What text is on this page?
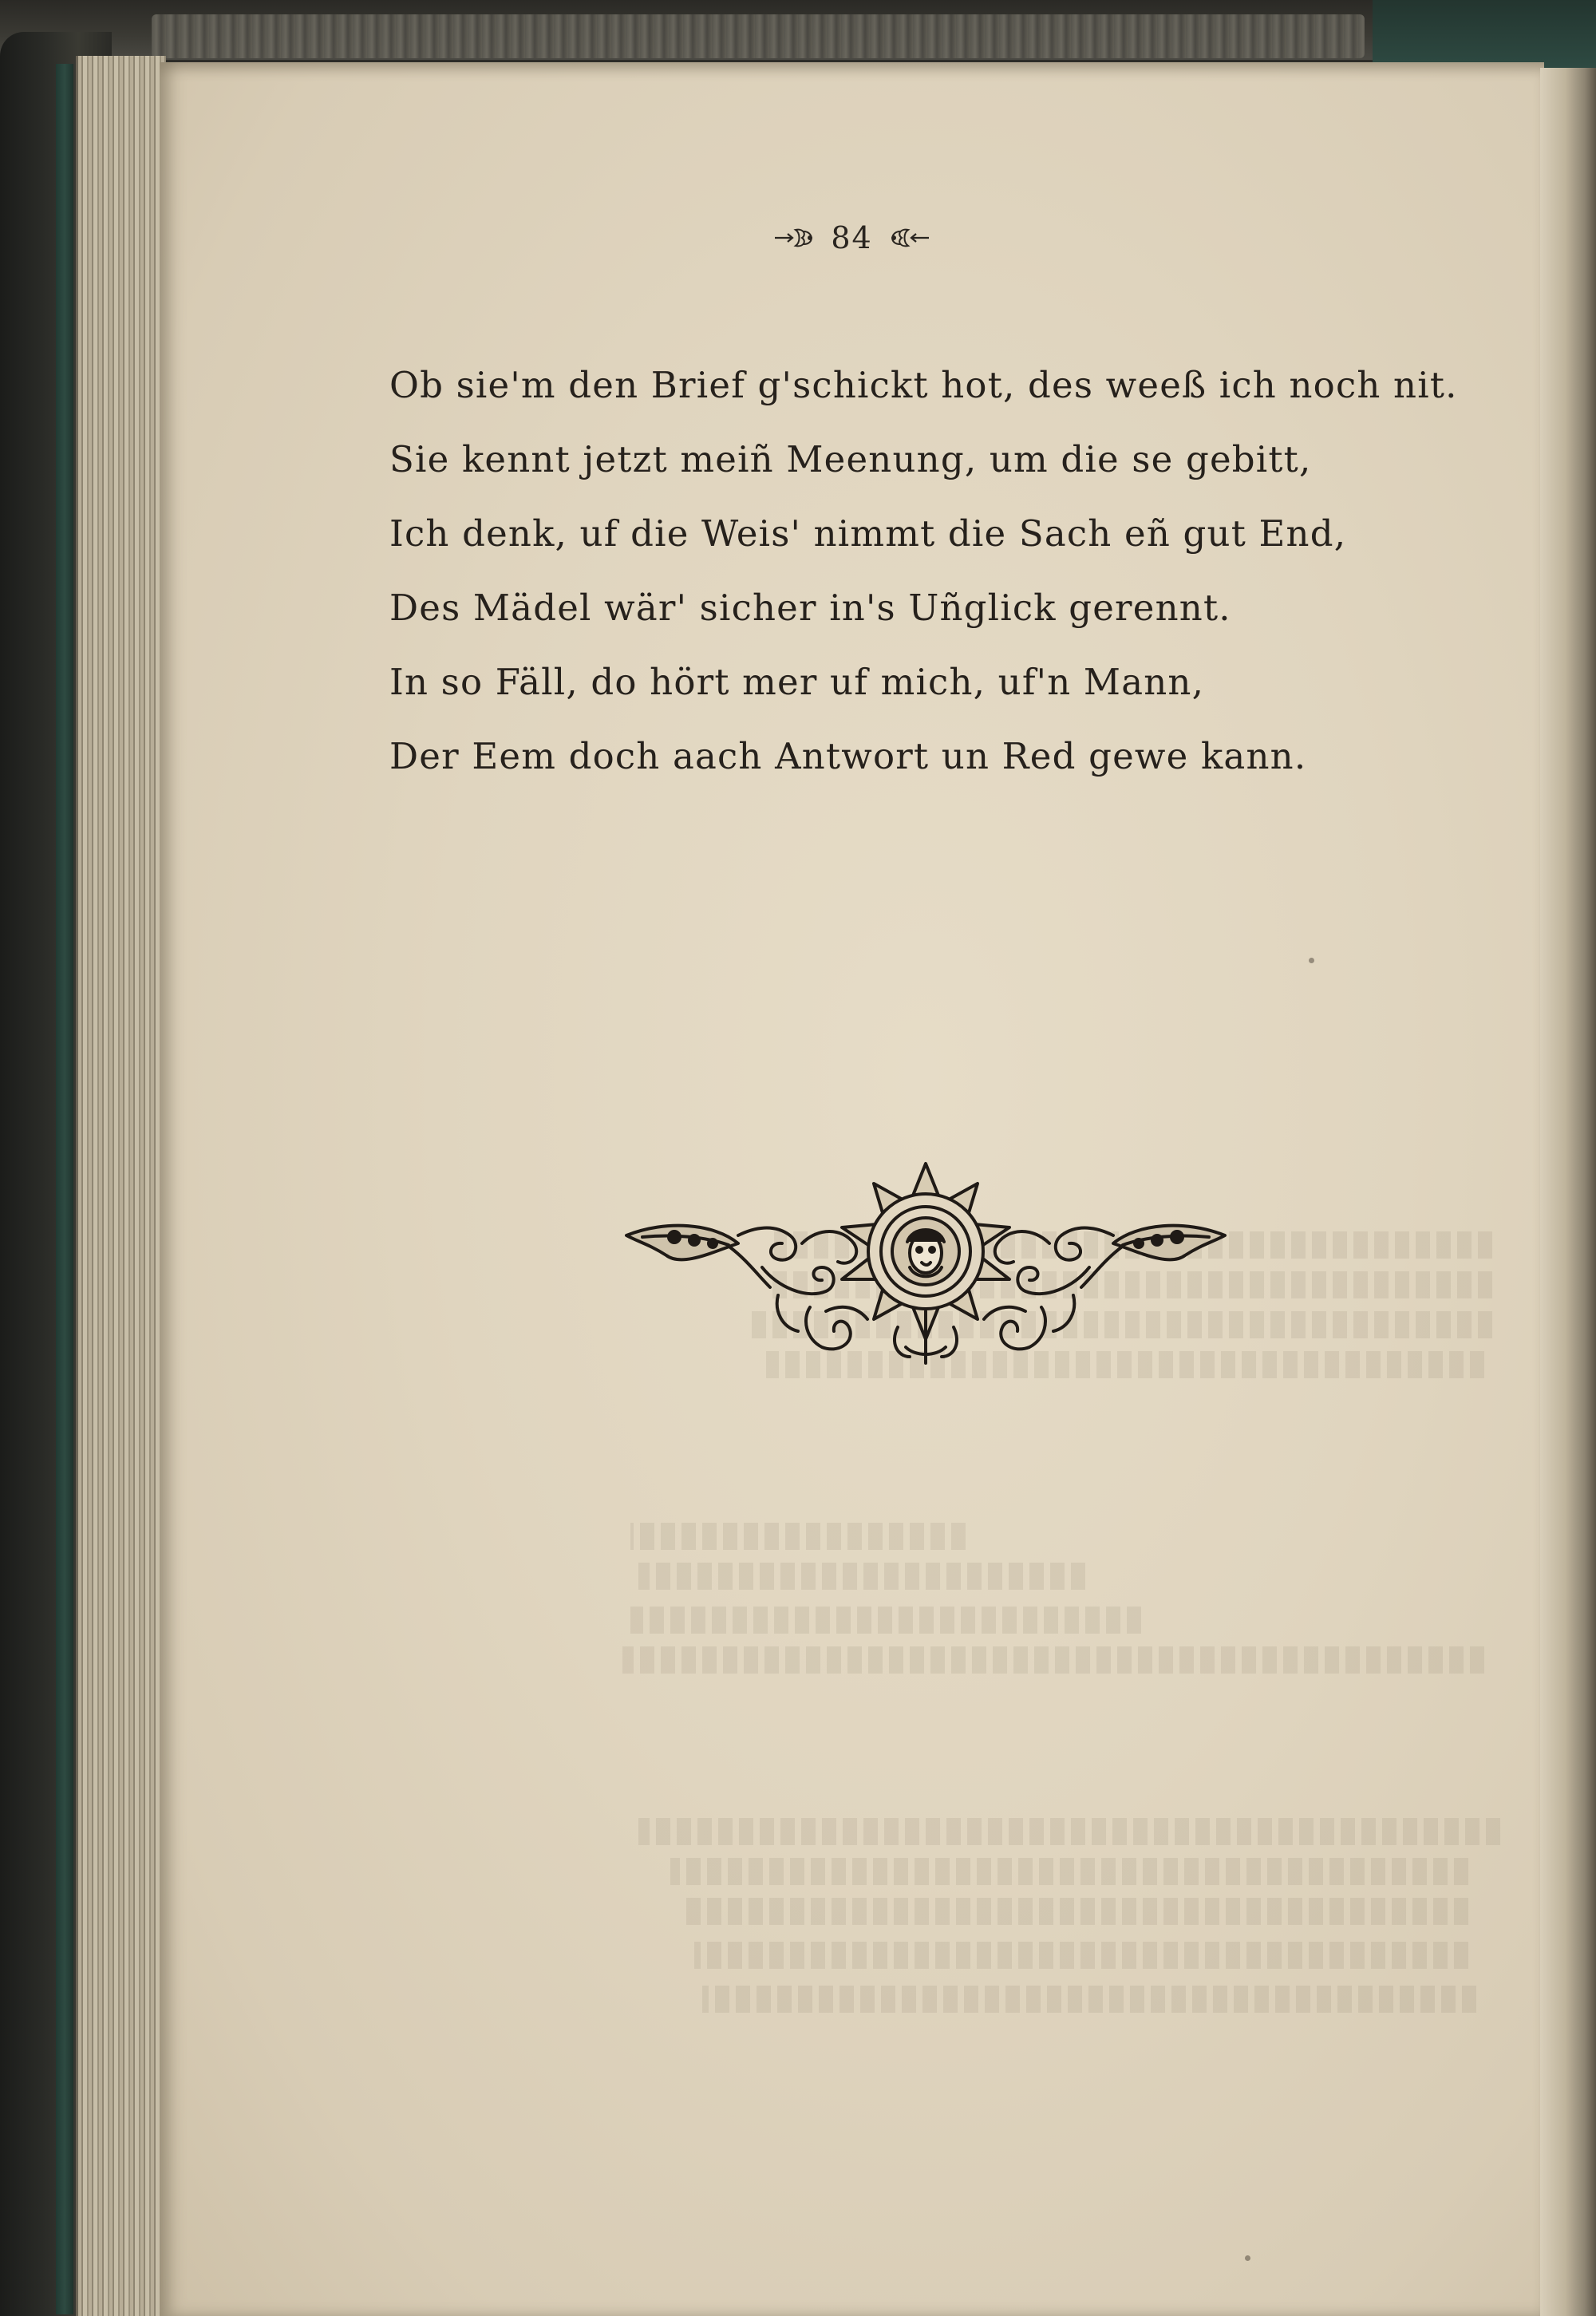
84
Ob sie'm den Brief g'schickt hot, des weeß ich noch nit.
Sie kennt jetzt meiñ Meenung, um die se gebitt,
Ich denk, uf die Weis' nimmt die Sach eñ gut End,
Des Mädel wär' sicher in's Uñglick gerennt.
In so Fäll, do hört mer uf mich, uf'n Mann,
Der Eem doch aach Antwort un Red gewe kann.
